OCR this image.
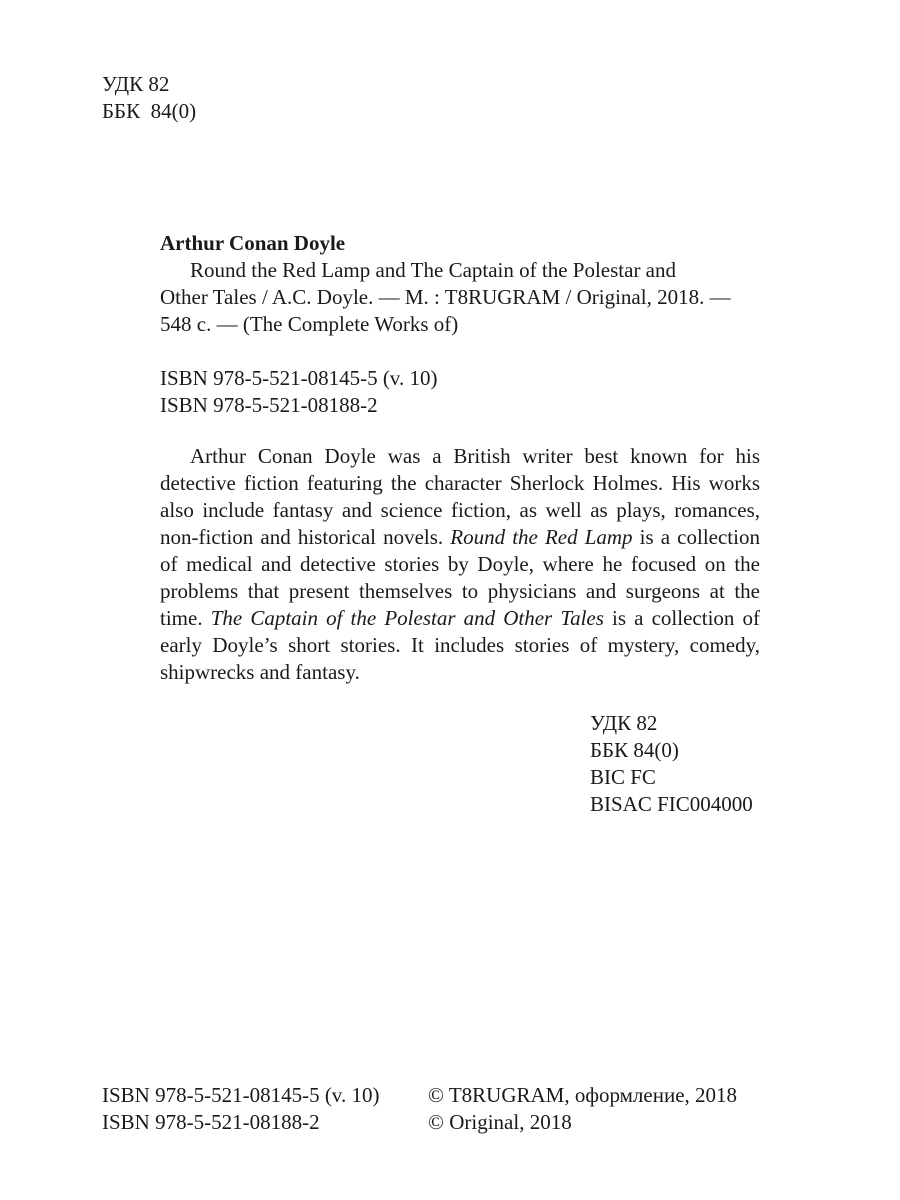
УДК 82
ББК  84(0)
Arthur Conan Doyle
Round the Red Lamp and The Captain of the Polestar and
Other Tales / A.C. Doyle. — M. : T8RUGRAM / Original, 2018. —
548 c. — (The Complete Works of)
ISBN 978-5-521-08145-5 (v. 10)
ISBN 978-5-521-08188-2

Arthur Conan Doyle was a British writer best known for his detective fiction featuring the character Sherlock Holmes. His works also include fantasy and science fiction, as well as plays, romances, non-fiction and historical novels. Round the Red Lamp is a collection of medical and detective stories by Doyle, where he focused on the problems that present themselves to physicians and surgeons at the time. The Captain of the Polestar and Other Tales is a collection of early Doyle’s short stories. It includes stories of mystery, comedy, shipwrecks and fantasy.

УДК 82
ББК 84(0)
BIC FC
BISAC FIC004000
ISBN 978-5-521-08145-5 (v. 10)
ISBN 978-5-521-08188-2
© T8RUGRAM, оформление, 2018
© Original, 2018
